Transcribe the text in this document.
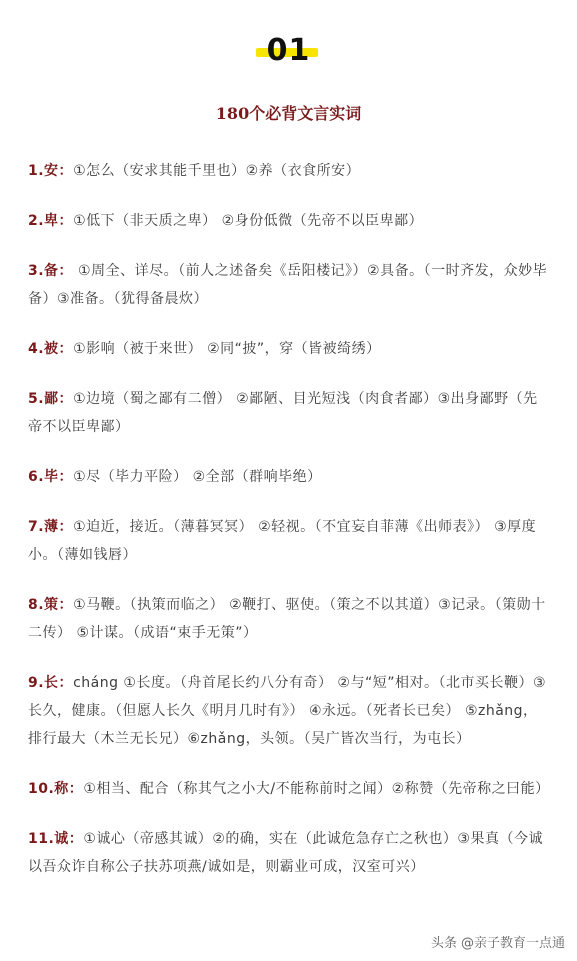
01
180个必背文言实词
1.安：①怎么（安求其能千里也）②养（衣食所安）
2.卑：①低下（非天质之卑） ②身份低微（先帝不以臣卑鄙）
3.备： ①周全、详尽。（前人之述备矣《岳阳楼记》）②具备。（一时齐发，众妙毕备）③准备。（犹得备晨炊）
4.被：①影响（被于来世） ②同“披”，穿（皆被绮绣）
5.鄙：①边境（蜀之鄙有二僧） ②鄙陋、目光短浅（肉食者鄙）③出身鄙野（先帝不以臣卑鄙）
6.毕：①尽（毕力平险） ②全部（群响毕绝）
7.薄：①迫近，接近。（薄暮冥冥） ②轻视。（不宜妄自菲薄《出师表》） ③厚度小。（薄如钱唇）
8.策：①马鞭。（执策而临之） ②鞭打、驱使。（策之不以其道）③记录。（策勋十二传） ⑤计谋。（成语“束手无策”）
9.长：cháng ①长度。（舟首尾长约八分有奇） ②与“短”相对。（北市买长鞭）③长久，健康。（但愿人长久《明月几时有》） ④永远。（死者长已矣） ⑤zhǎng，排行最大（木兰无长兄）⑥zhǎng，头领。（吴广皆次当行，为屯长）
10.称：①相当、配合（称其气之小大/不能称前时之闻）②称赞（先帝称之曰能）
11.诚：①诚心（帝感其诚）②的确，实在（此诚危急存亡之秋也）③果真（今诚以吾众诈自称公子扶苏项燕/诚如是，则霸业可成，汉室可兴）
头条 @亲子教育一点通
